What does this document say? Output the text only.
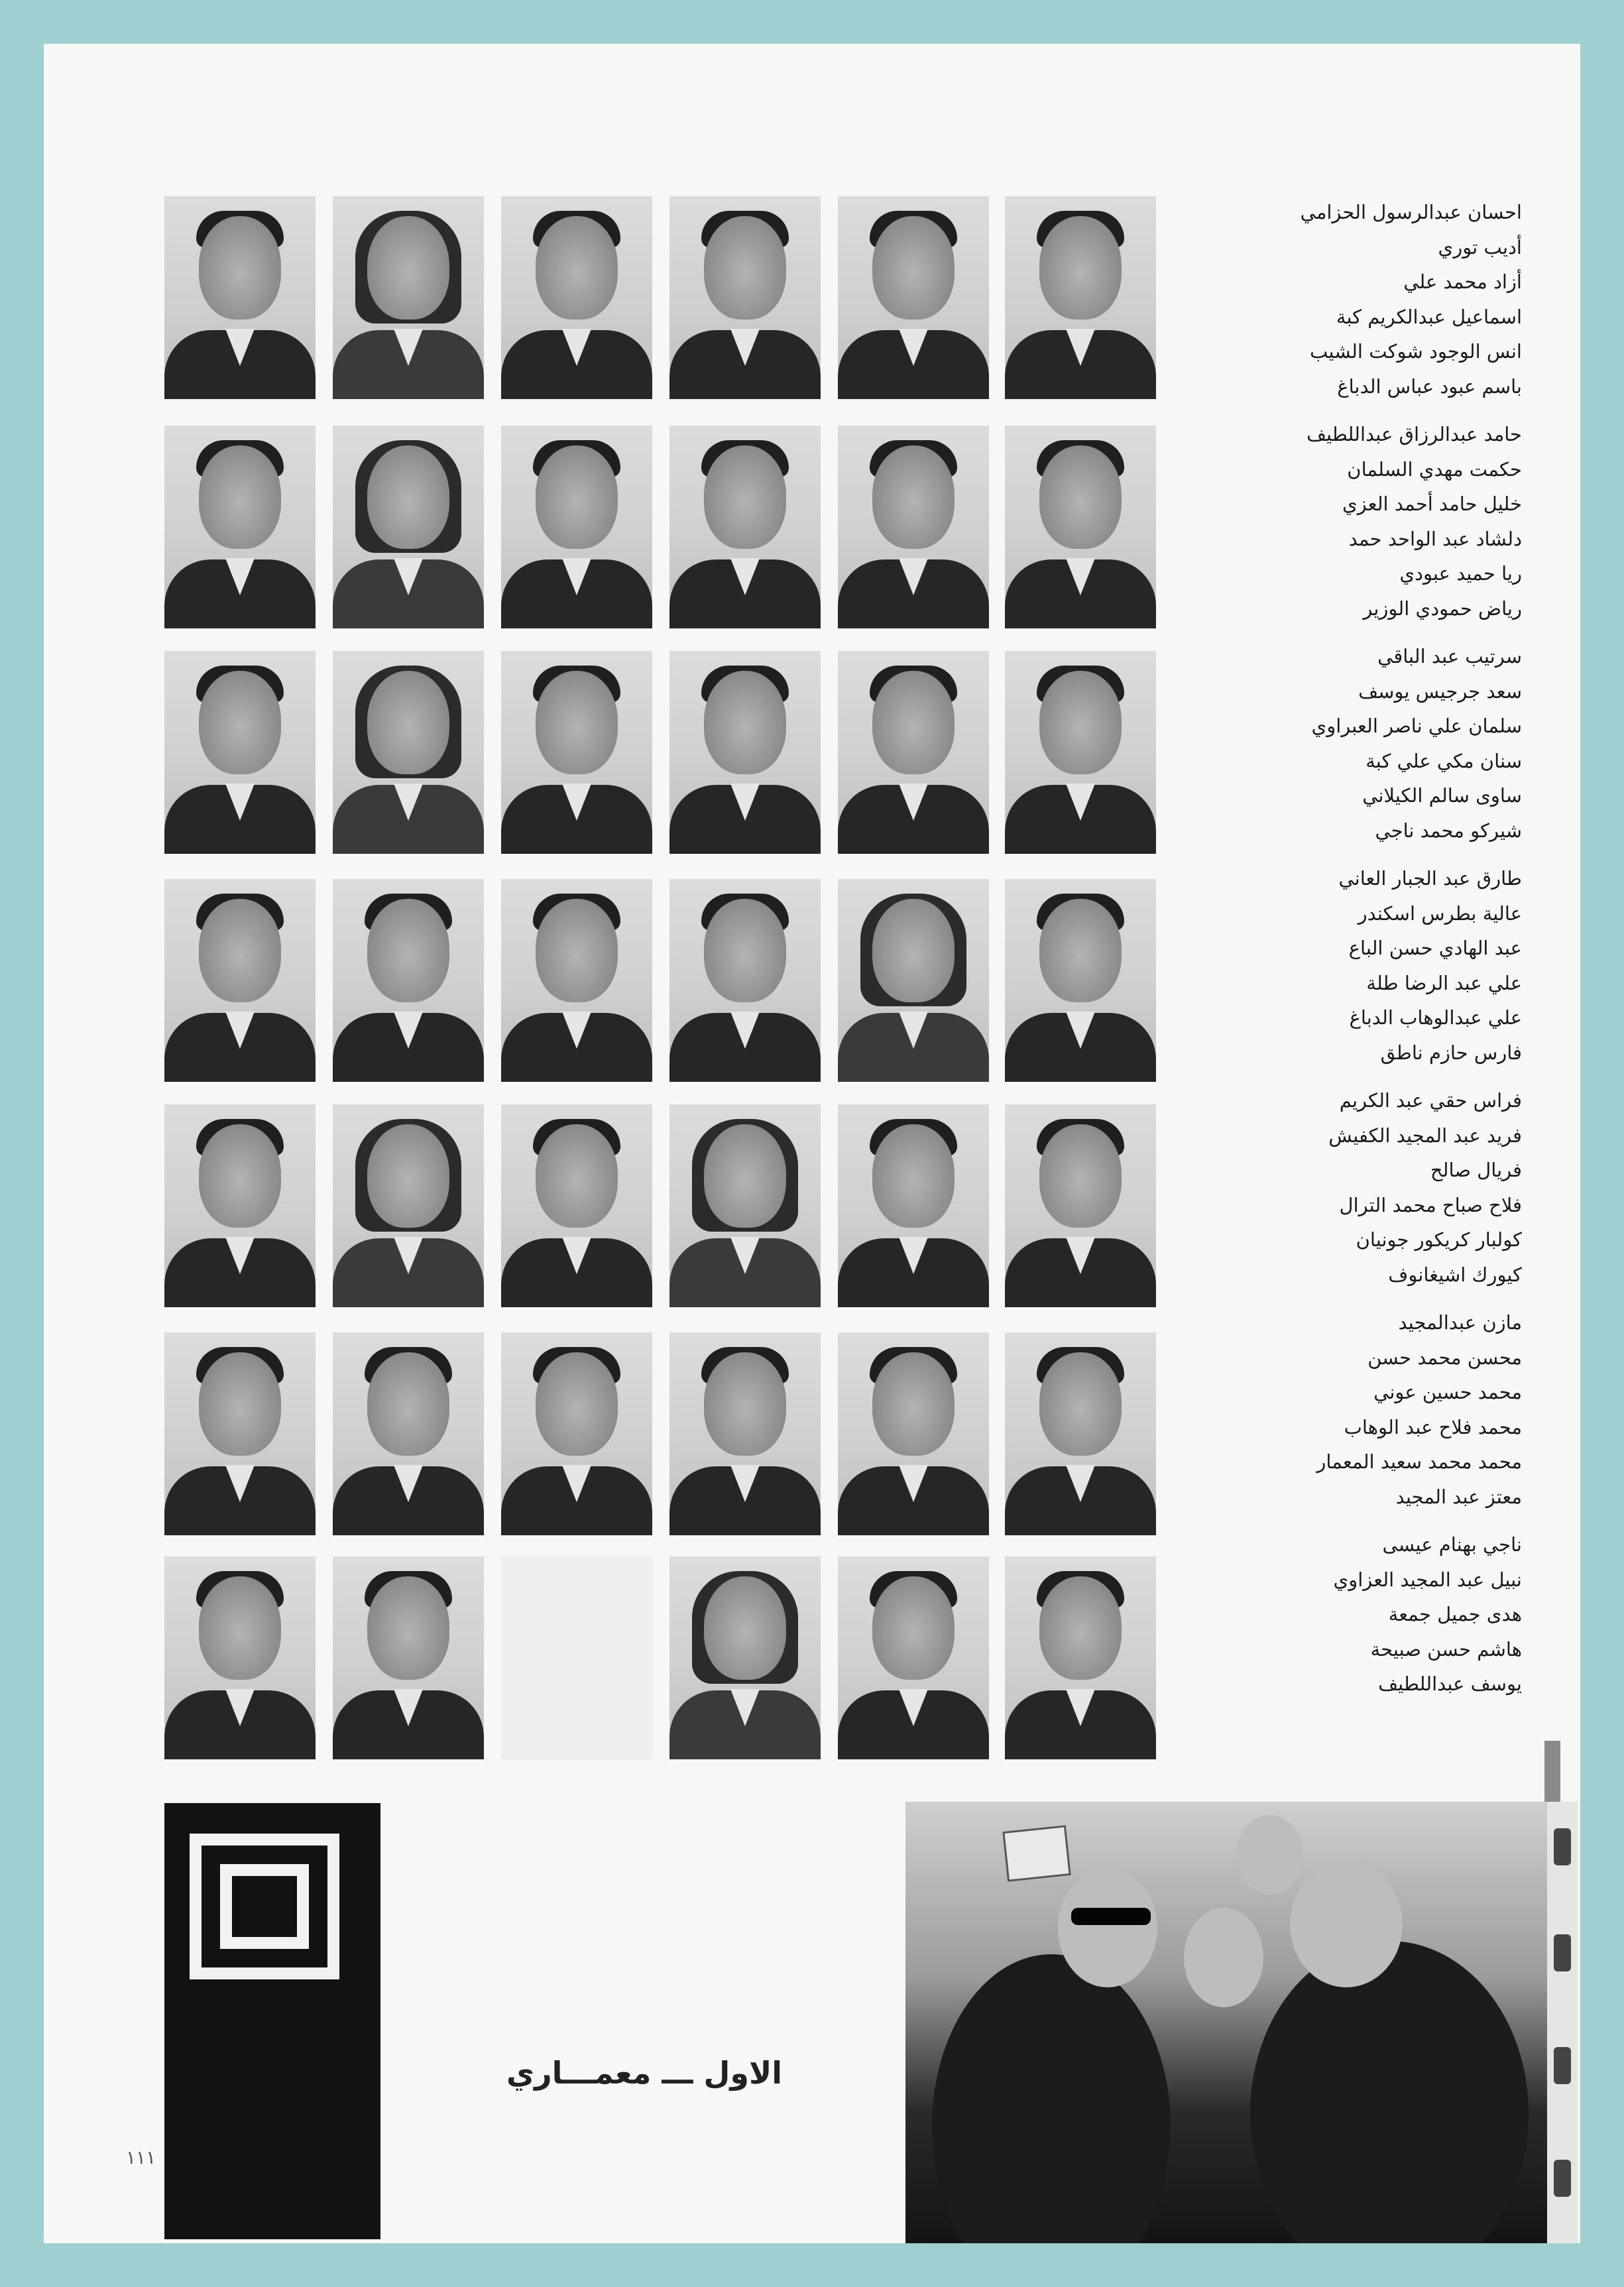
احسان عبدالرسول الحزامي
أديب توري
أزاد محمد علي
اسماعيل عبدالكريم كبة
انس الوجود شوكت الشيب
باسم عبود عباس الدباغ
حامد عبدالرزاق عبداللطيف
حكمت مهدي السلمان
خليل حامد أحمد العزي
دلشاد عبد الواحد حمد
ريا حميد عبودي
رياض حمودي الوزير
سرتيب عبد الباقي
سعد جرجيس يوسف
سلمان علي ناصر العبراوي
سنان مكي علي كبة
ساوى سالم الكيلاني
شيركو محمد ناجي
طارق عبد الجبار العاني
عالية بطرس اسكندر
عبد الهادي حسن الباع
علي عبد الرضا طلة
علي عبدالوهاب الدباغ
فارس حازم ناطق
فراس حقي عبد الكريم
فريد عبد المجيد الكفيش
فريال صالح
فلاح صباح محمد الترال
كولبار كريكور جونيان
كيورك اشيغانوف
مازن عبدالمجيد
محسن محمد حسن
محمد حسين عوني
محمد فلاح عبد الوهاب
محمد محمد سعيد المعمار
معتز عبد المجيد
ناجي بهنام عيسى
نبيل عبد المجيد العزاوي
هدى جميل جمعة
هاشم حسن صبيحة
يوسف عبداللطيف
الاول ـــ معمـــاري
١١١
